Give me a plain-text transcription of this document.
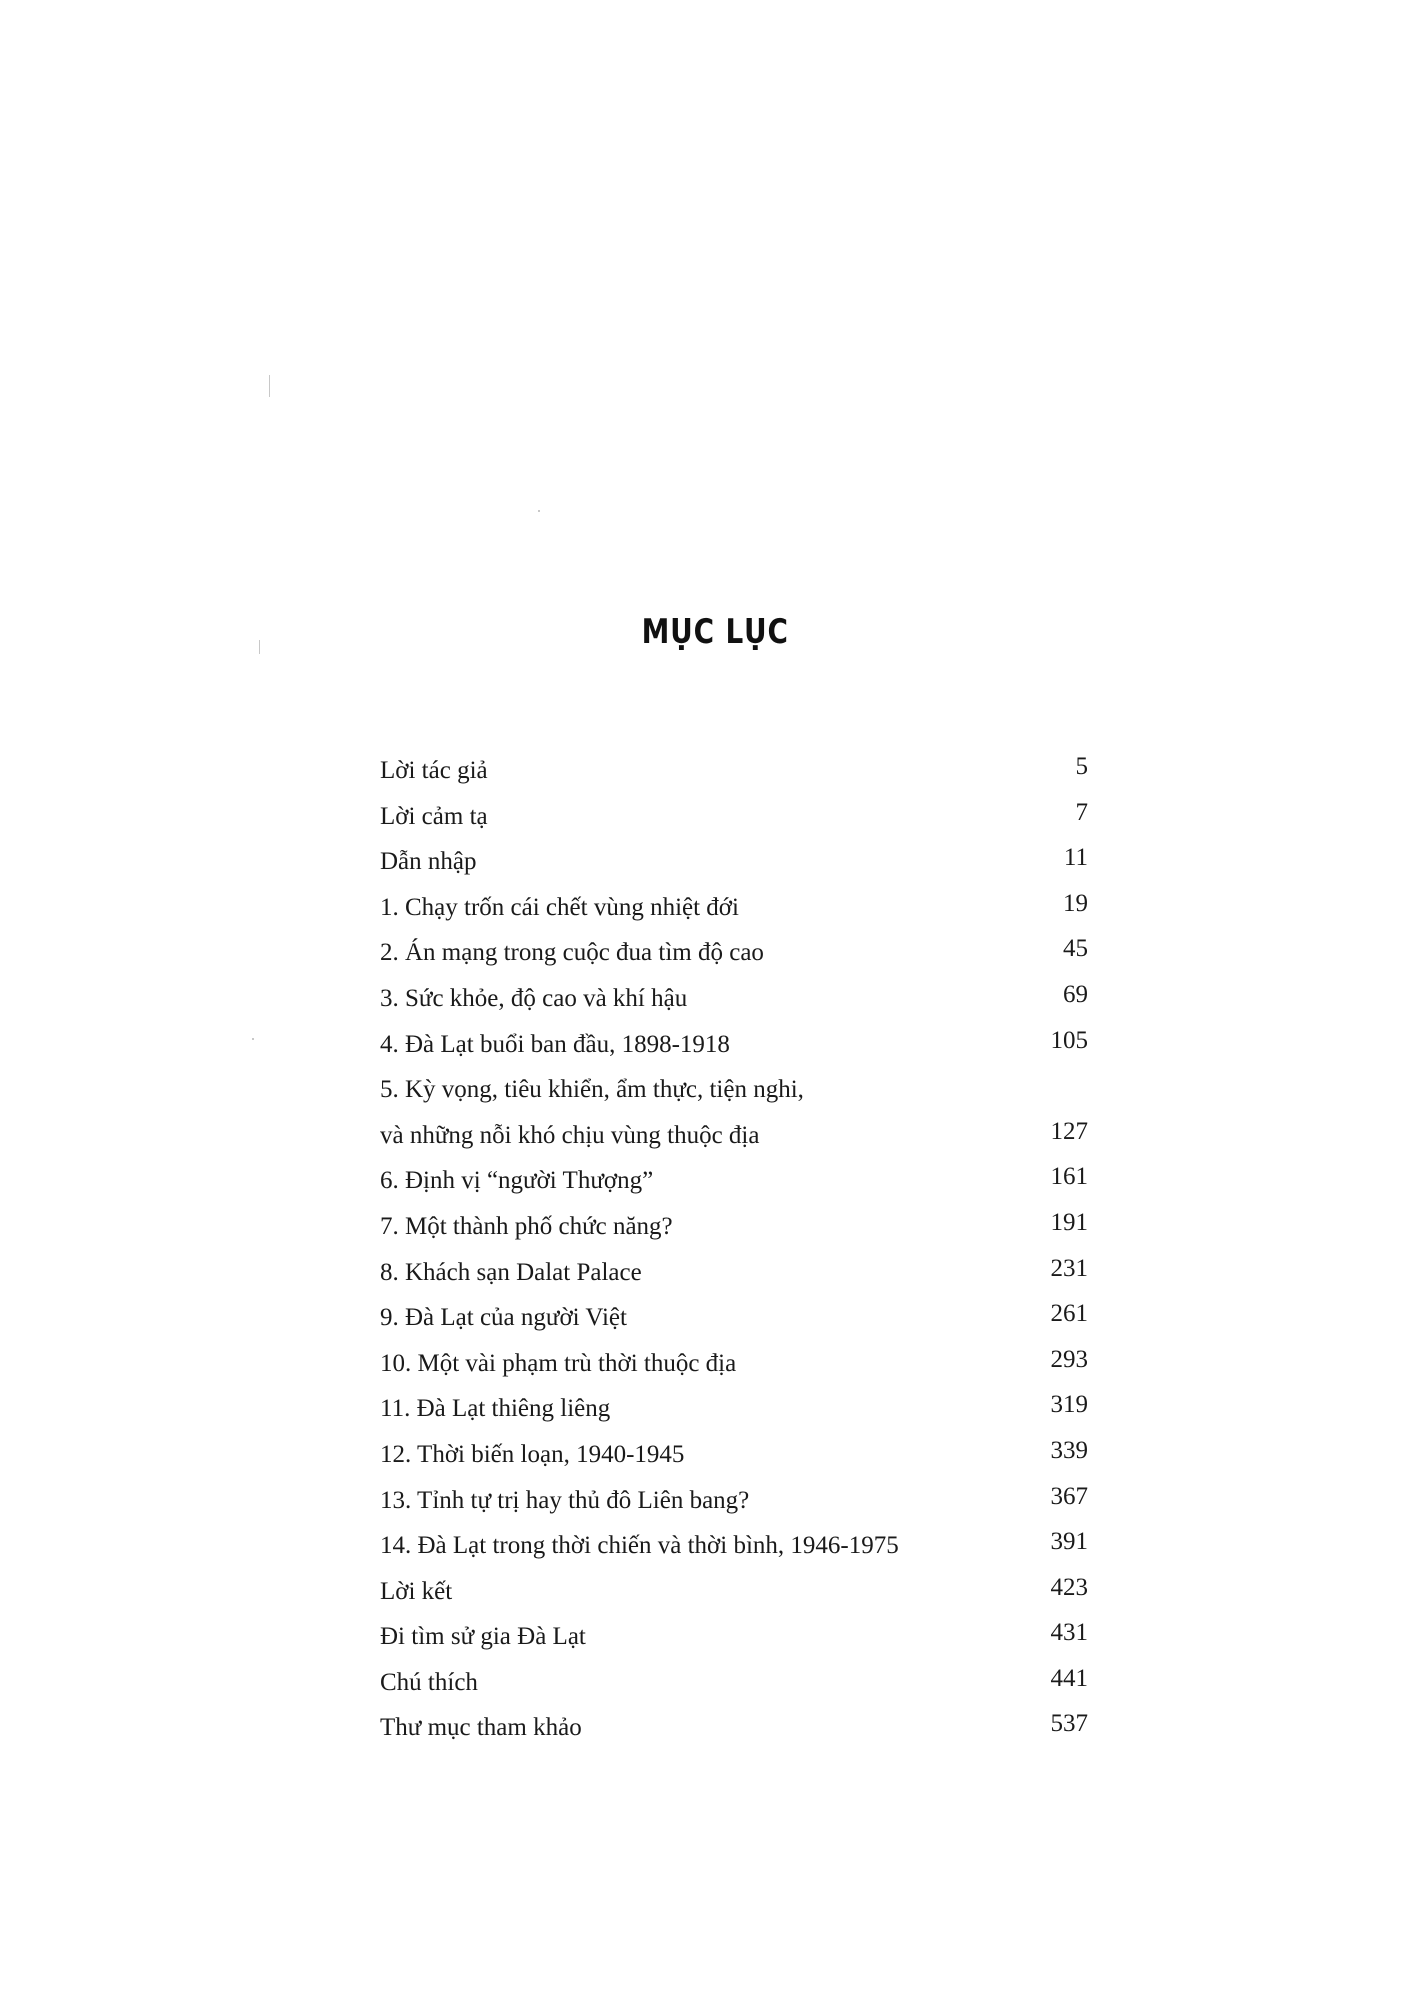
MỤC LỤC
Lời tác giả	5
Lời cảm tạ	7
Dẫn nhập	11
1. Chạy trốn cái chết vùng nhiệt đới	19
2. Án mạng trong cuộc đua tìm độ cao	45
3. Sức khỏe, độ cao và khí hậu	69
4. Đà Lạt buổi ban đầu, 1898-1918	105
5. Kỳ vọng, tiêu khiển, ẩm thực, tiện nghi,
và những nỗi khó chịu vùng thuộc địa	127
6. Định vị “người Thượng”	161
7. Một thành phố chức năng?	191
8. Khách sạn Dalat Palace	231
9. Đà Lạt của người Việt	261
10. Một vài phạm trù thời thuộc địa	293
11. Đà Lạt thiêng liêng	319
12. Thời biến loạn, 1940-1945	339
13. Tỉnh tự trị hay thủ đô Liên bang?	367
14. Đà Lạt trong thời chiến và thời bình, 1946-1975	391
Lời kết	423
Đi tìm sử gia Đà Lạt	431
Chú thích	441
Thư mục tham khảo	537
